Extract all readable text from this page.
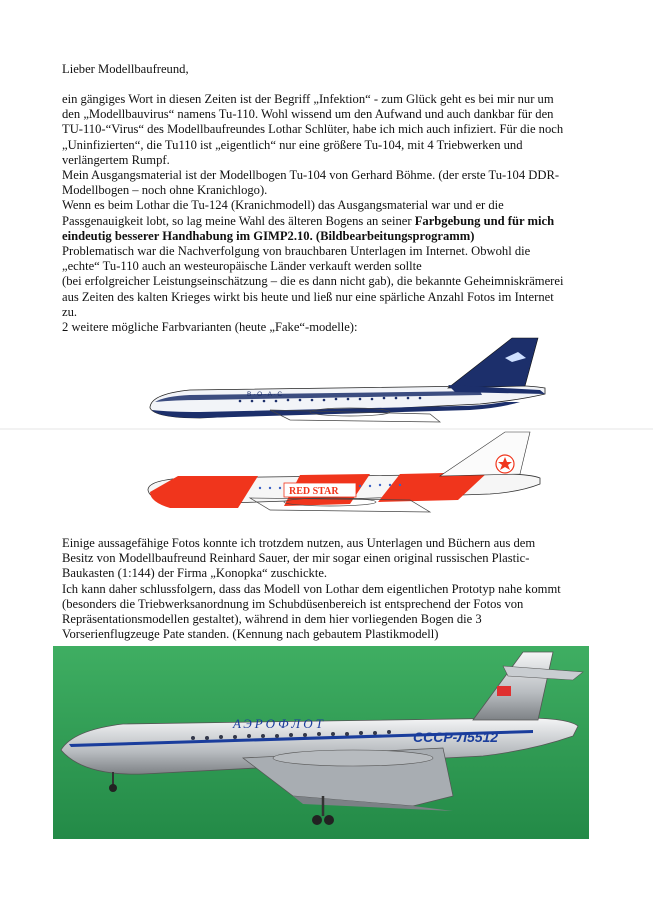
Lieber Modellbaufreund,

ein gängiges Wort in diesen Zeiten ist der Begriff „Infektion“ - zum Glück geht es bei mir nur um

den „Modellbauvirus“ namens Tu-110. Wohl wissend um den Aufwand und auch dankbar für den

TU-110-“Virus“ des Modellbaufreundes Lothar Schlüter, habe ich mich auch infiziert. Für die noch

„Uninfizierten“, die Tu110 ist „eigentlich“ nur eine größere Tu-104, mit 4 Triebwerken und

verlängertem Rumpf.

Mein Ausgangsmaterial ist der Modellbogen Tu-104 von Gerhard Böhme. (der erste Tu-104 DDR-

Modellbogen – noch ohne Kranichlogo).

Wenn es beim Lothar die Tu-124 (Kranichmodell) das Ausgangsmaterial war und er die

Passgenauigkeit lobt, so lag meine Wahl des älteren Bogens an seiner Farbgebung und für mich

eindeutig besserer Handhabung im GIMP2.10. (Bildbearbeitungsprogramm)

Problematisch war die Nachverfolgung von brauchbaren Unterlagen im Internet. Obwohl die

„echte“ Tu-110 auch an westeuropäische Länder verkauft werden sollte

(bei erfolgreicher Leistungseinschätzung – die es dann nicht gab), die bekannte Geheimniskrämerei

aus Zeiten des kalten Krieges wirkt bis heute und ließ nur eine spärliche Anzahl Fotos im Internet

zu.

2 weitere mögliche Farbvarianten (heute „Fake“-modelle):

B · O · A · C
RED STAR

Einige aussagefähige Fotos konnte ich trotzdem nutzen, aus Unterlagen und Büchern aus dem

Besitz von Modellbaufreund Reinhard Sauer, der mir sogar einen original russischen Plastic-

Baukasten (1:144) der Firma „Konopka“ zuschickte.

Ich kann daher schlussfolgern, dass das Modell von Lothar dem eigentlichen Prototyp nahe kommt

(besonders die Triebwerksanordnung im Schubdüsenbereich ist entsprechend der Fotos von

Repräsentationsmodellen gestaltet), während in dem hier vorliegenden Bogen die 3

Vorserienflugzeuge Pate standen. (Kennung nach gebautem Plastikmodell)

АЭРОФЛОТ
СССР-Л5512
